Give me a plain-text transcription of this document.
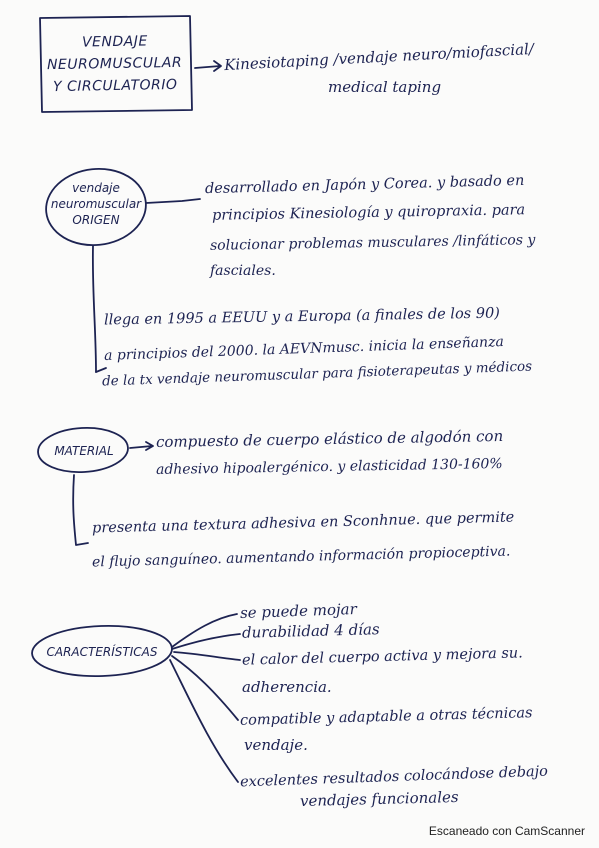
VENDAJE
NEUROMUSCULAR
Y CIRCULATORIO
Kinesiotaping /vendaje neuro/miofascial/
medical taping
vendaje
neuromuscular
ORIGEN
desarrollado en Japón y Corea. y basado en
principios Kinesiología y quiropraxia. para
solucionar problemas musculares /linfáticos y
fasciales.
llega en 1995 a EEUU y a Europa (a finales de los 90)
a principios del 2000. la AEVNmusc. inicia la enseñanza
de la tx vendaje neuromuscular para fisioterapeutas y médicos
MATERIAL	compuesto de cuerpo elástico de algodón con
adhesivo hipoalergénico. y elasticidad 130-160%
presenta una textura adhesiva en Sconhnue. que permite
el flujo sanguíneo. aumentando información propioceptiva.
CARACTERÍSTICAS
se puede mojar
durabilidad 4 días
el calor del cuerpo activa y mejora su.
adherencia.
compatible y adaptable a otras técnicas
vendaje.
excelentes resultados colocándose debajo
vendajes funcionales
Escaneado con CamScanner
